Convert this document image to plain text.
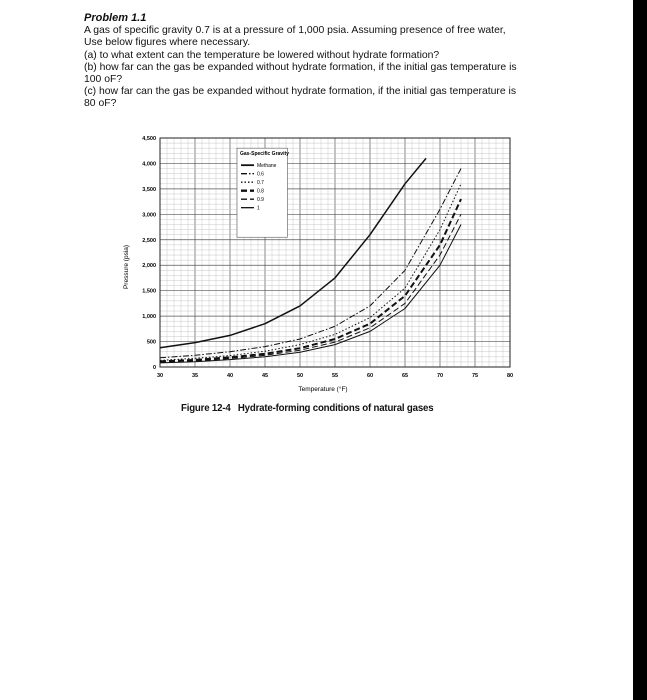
Problem 1.1

A gas of specific gravity 0.7 is at a pressure of 1,000 psia. Assuming presence of free water,

Use below figures where necessary.

(a) to what extent can the temperature be lowered without hydrate formation?

(b) how far can the gas be expanded without hydrate formation, if the initial gas temperature is

100 oF?

(c) how far can the gas be expanded without hydrate formation, if the initial gas temperature is

80 oF?

30	35	40	45	50	55	60	65	70	75	80
0
500
1,000
1,500
2,000
2,500
3,000
3,500
4,000
4,500
Gas-Specific Gravity
Methane
0.6
0.7
0.8
0.9
1
Temperature (°F)
Pressure (psia)
Figure 12-4 Hydrate-forming conditions of natural gases
